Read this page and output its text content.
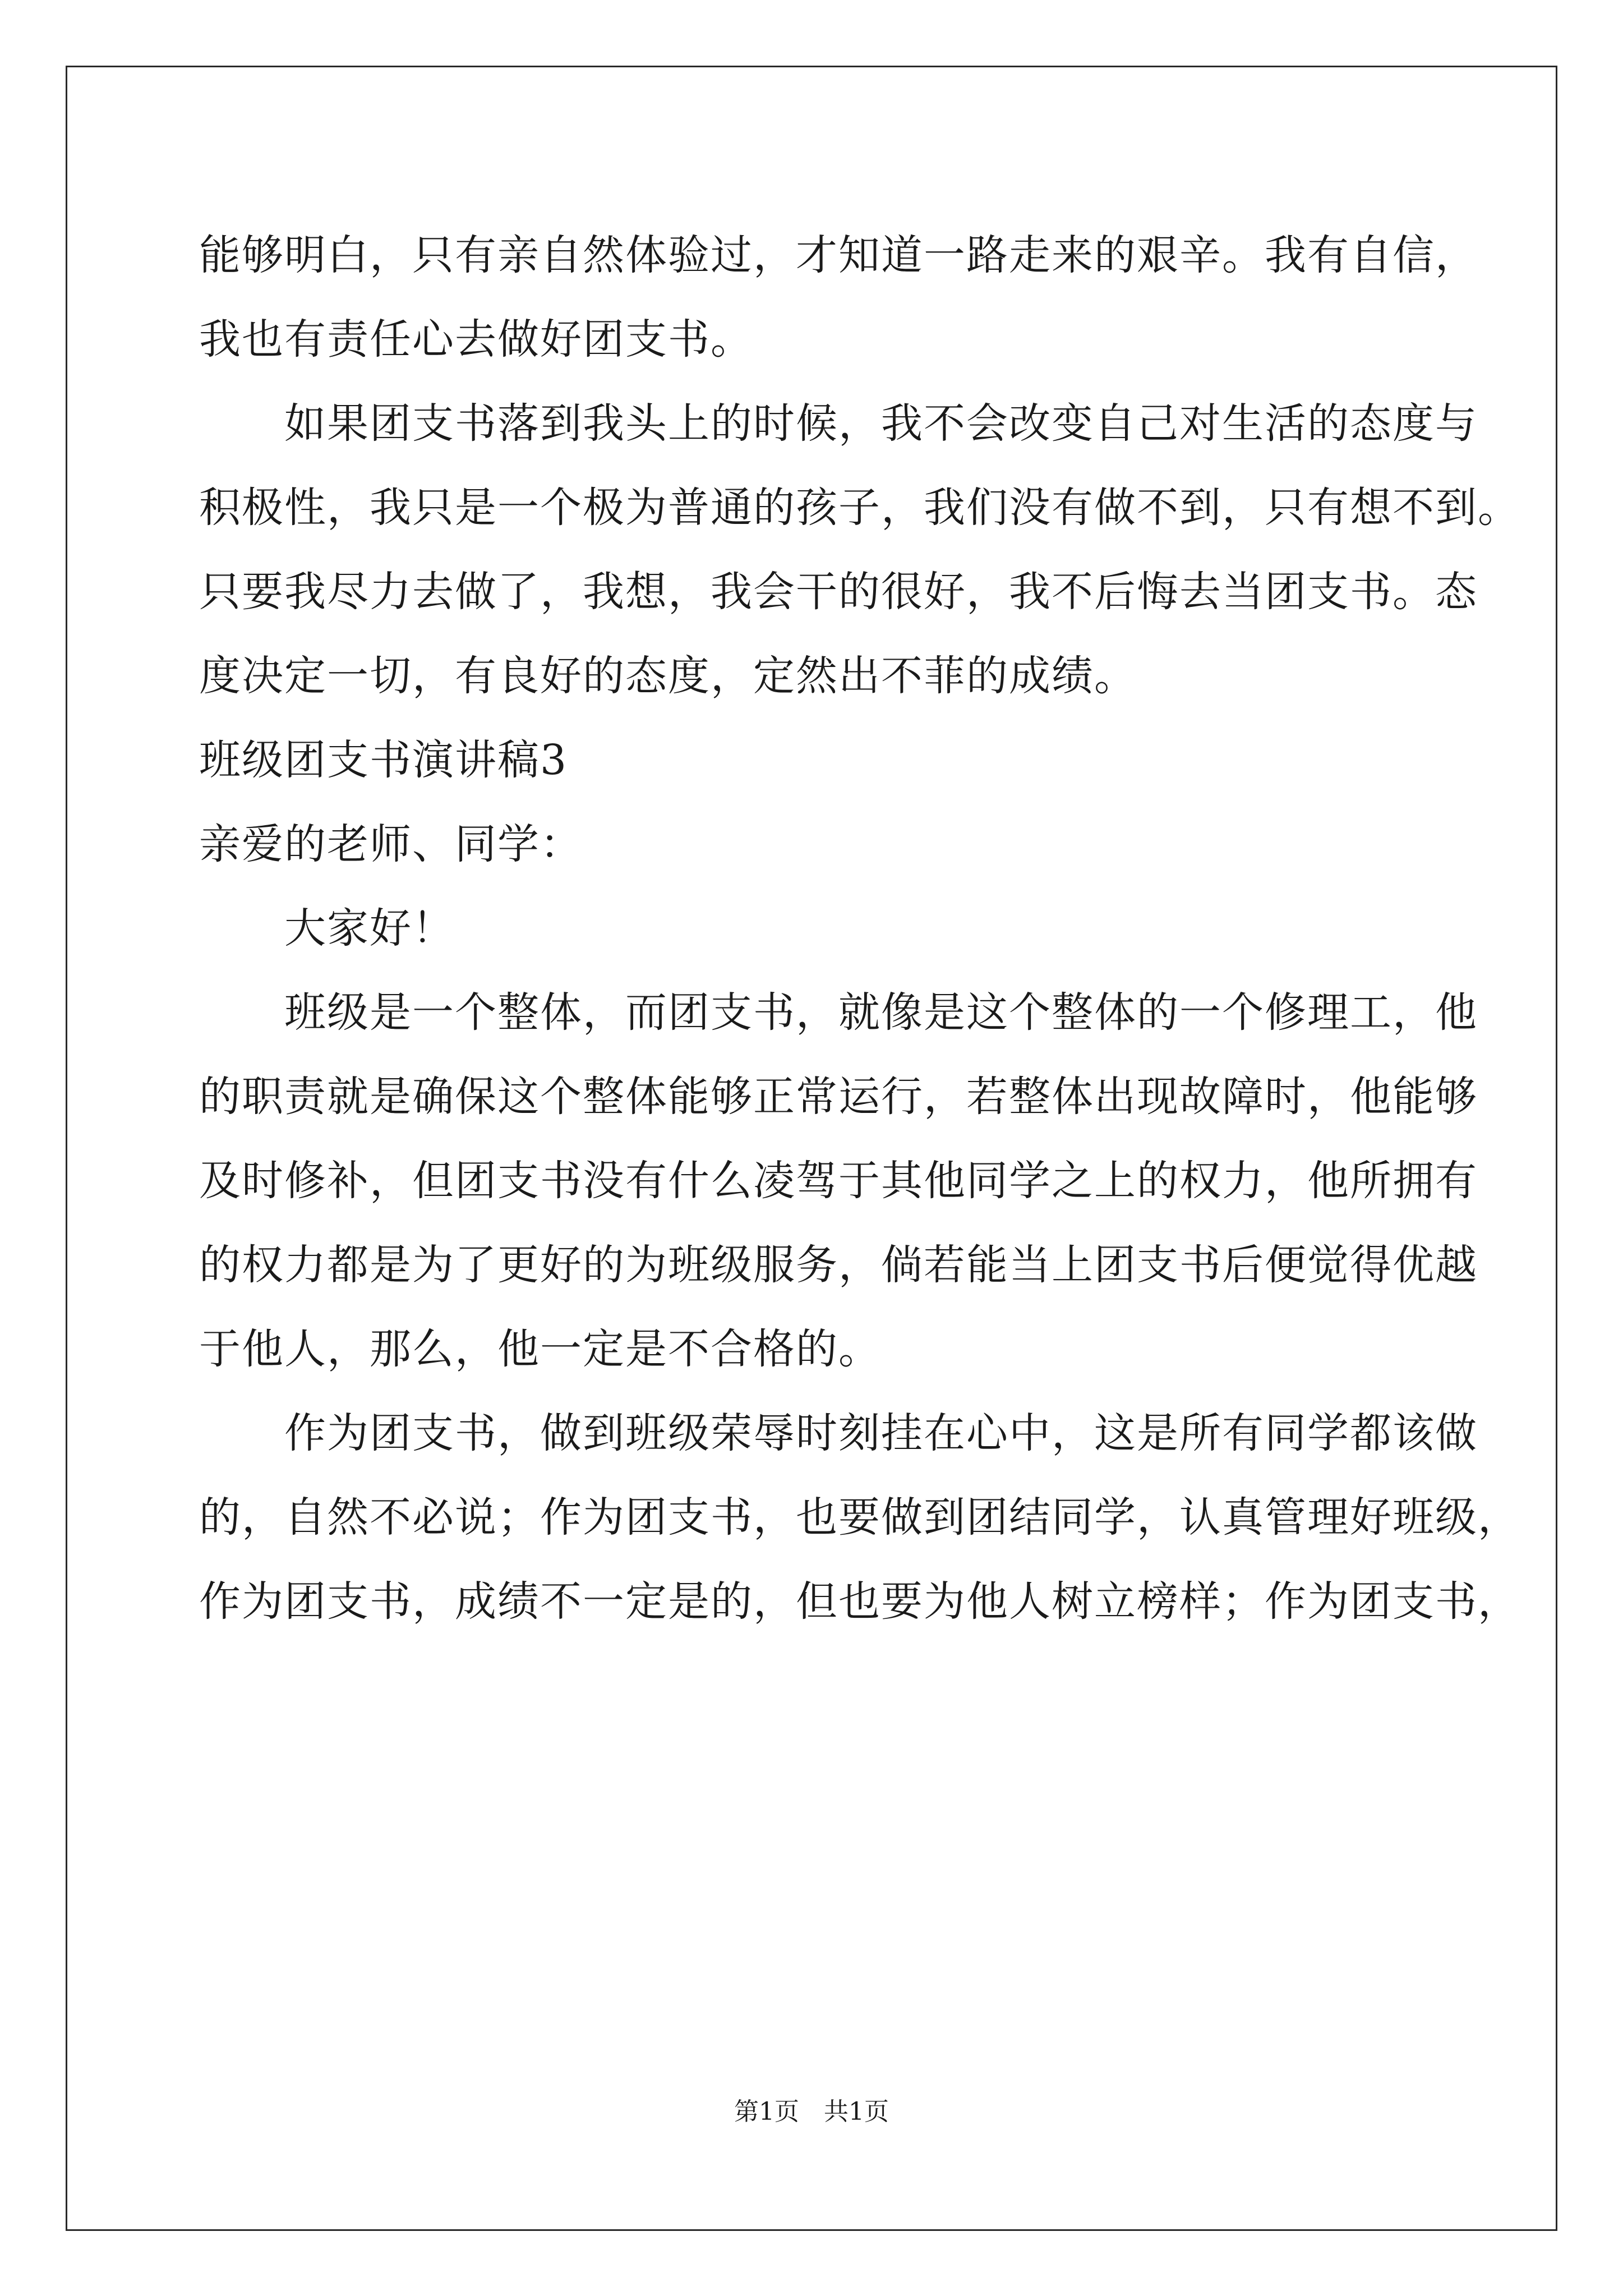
能够明白，只有亲自然体验过，才知道一路走来的艰辛。我有自信，
我也有责任心去做好团支书。
　　如果团支书落到我头上的时候，我不会改变自己对生活的态度与
积极性，我只是一个极为普通的孩子，我们没有做不到，只有想不到。
只要我尽力去做了，我想，我会干的很好，我不后悔去当团支书。态
度决定一切，有良好的态度，定然出不菲的成绩。
班级团支书演讲稿3
亲爱的老师、同学：
　　大家好！
　　班级是一个整体，而团支书，就像是这个整体的一个修理工，他
的职责就是确保这个整体能够正常运行，若整体出现故障时，他能够
及时修补，但团支书没有什么凌驾于其他同学之上的权力，他所拥有
的权力都是为了更好的为班级服务，倘若能当上团支书后便觉得优越
于他人，那么，他一定是不合格的。
　　作为团支书，做到班级荣辱时刻挂在心中，这是所有同学都该做
的，自然不必说；作为团支书，也要做到团结同学，认真管理好班级，
作为团支书，成绩不一定是的，但也要为他人树立榜样；作为团支书，
第1页　共1页
